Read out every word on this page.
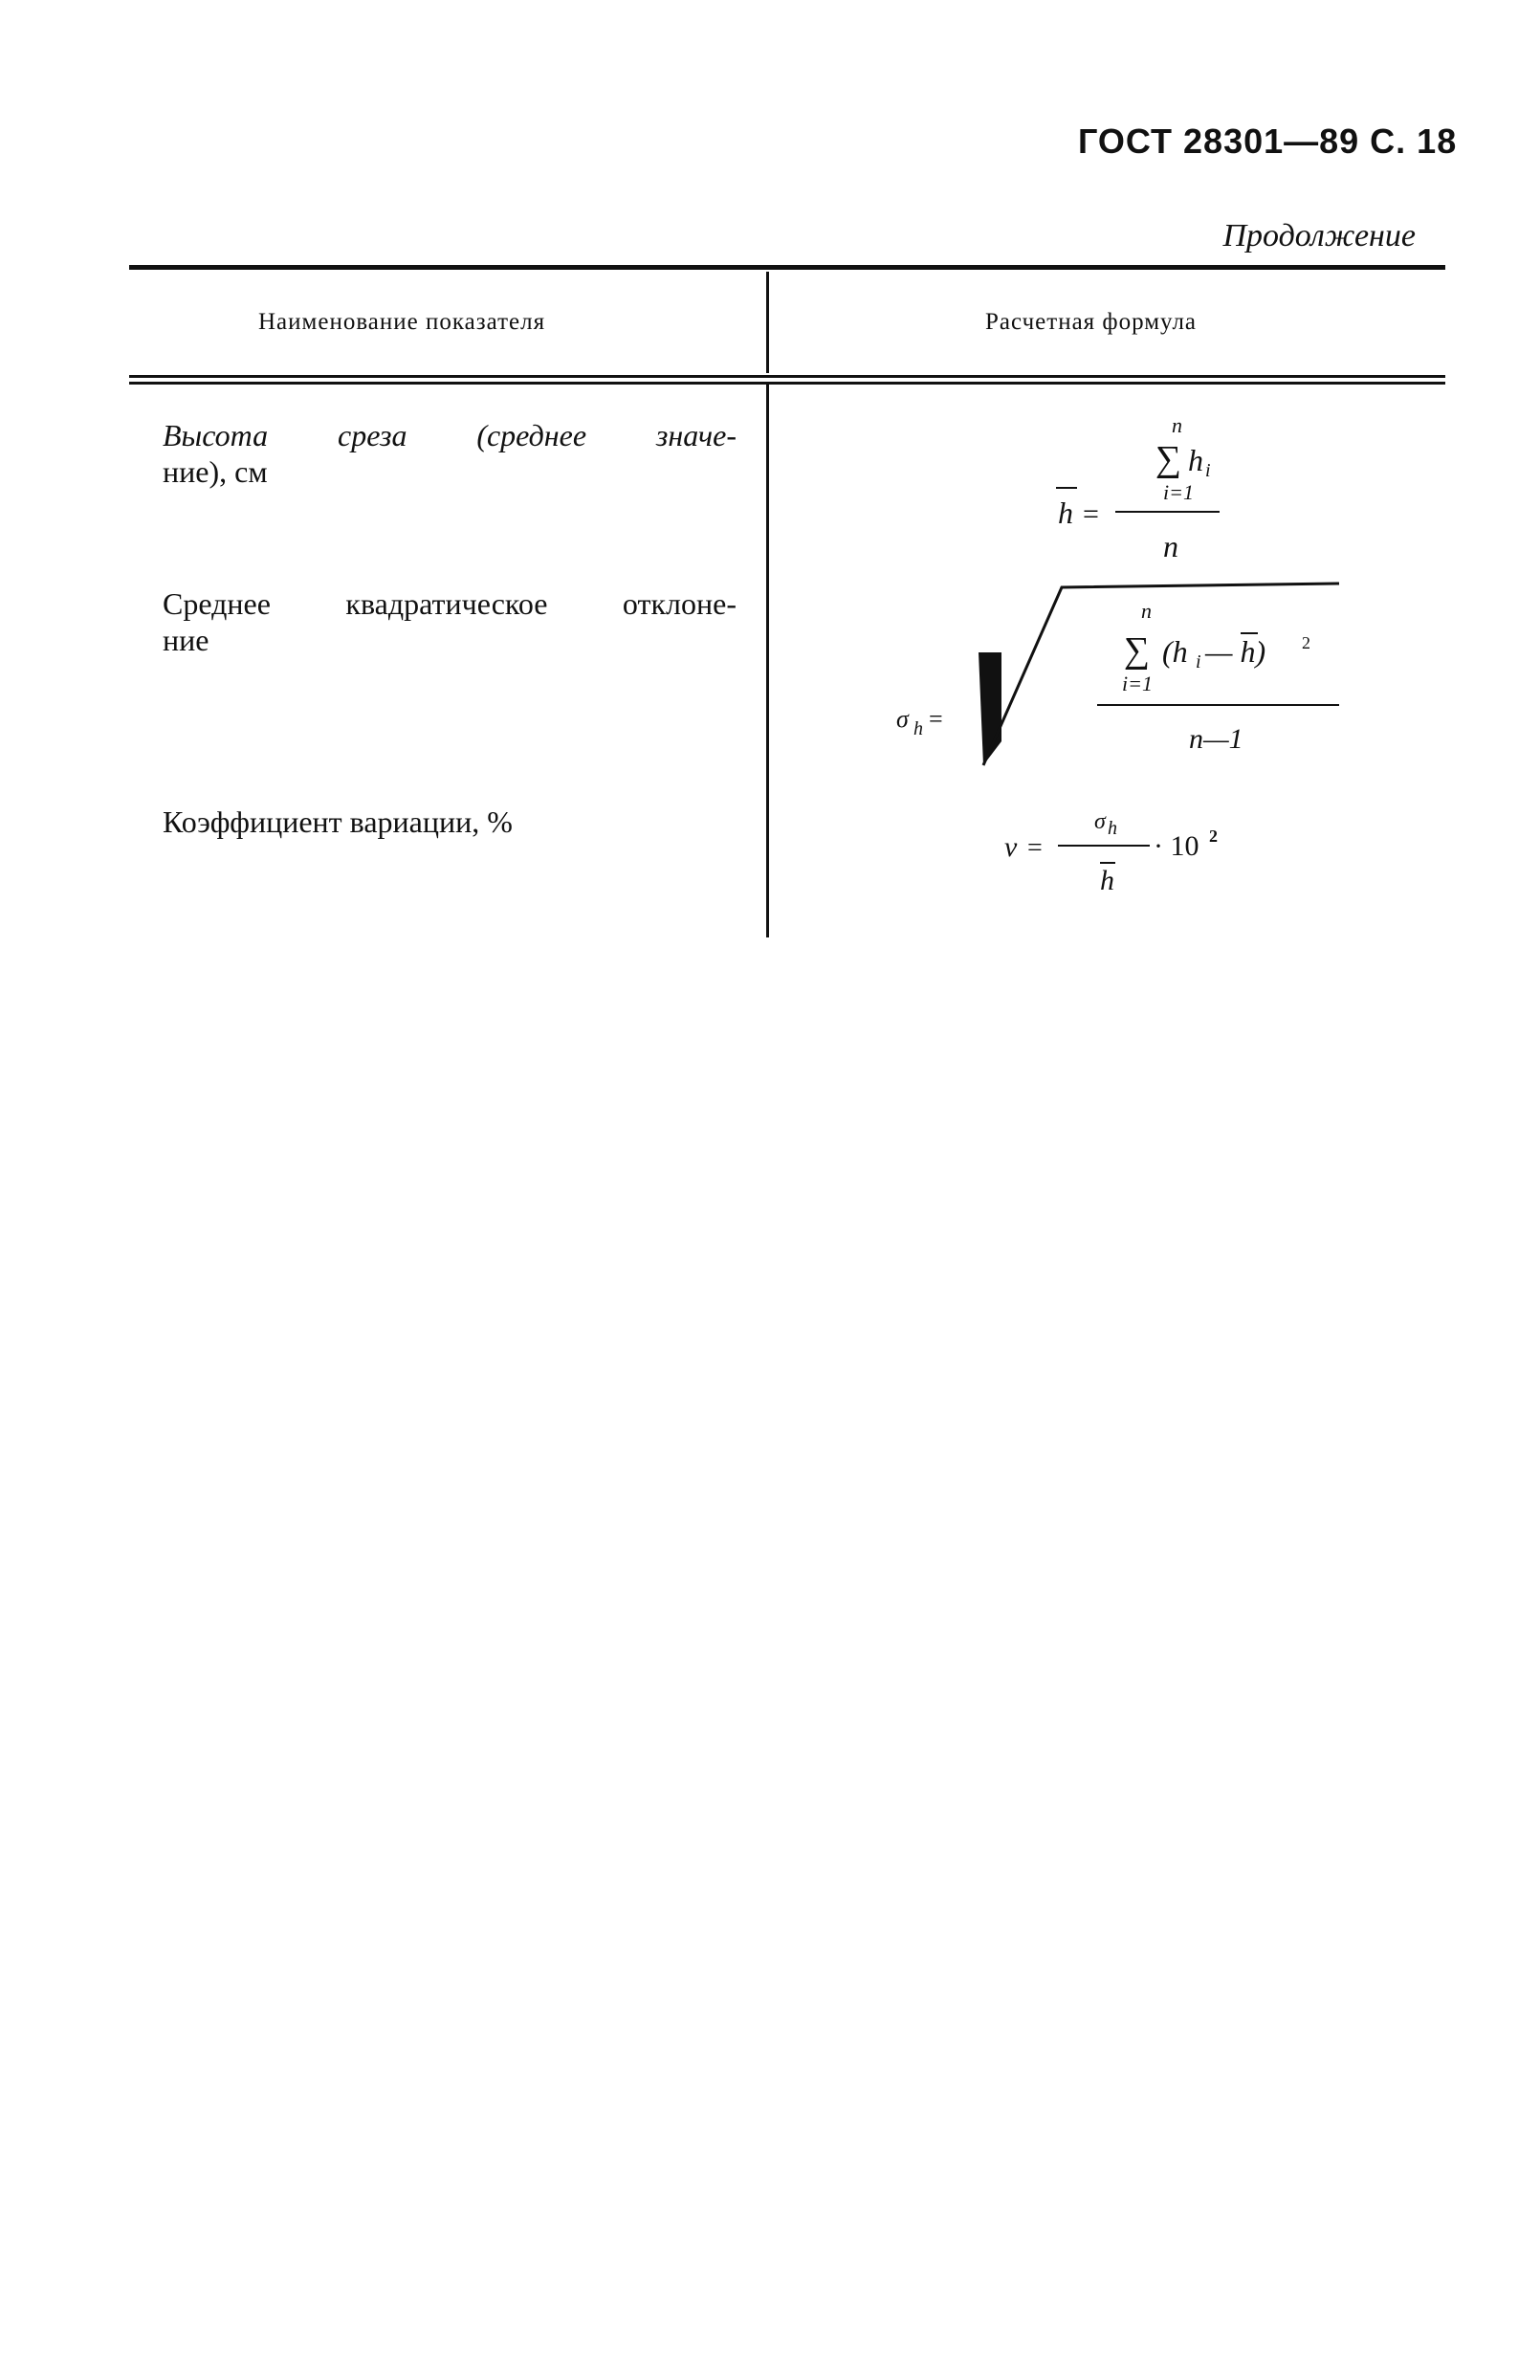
ГОСТ 28301—89 С. 18
Продолжение
Наименование показателя	Расчетная формула
Высота среза (среднее значе-
ние), см
n
∑ h i
i=1
h =
n
Среднее квадратическое отклоне-
ние
σ h =
n
∑ (h i — h) 2
i=1
n—1
Коэффициент вариации, %
v =
σ h
h
· 10 2
